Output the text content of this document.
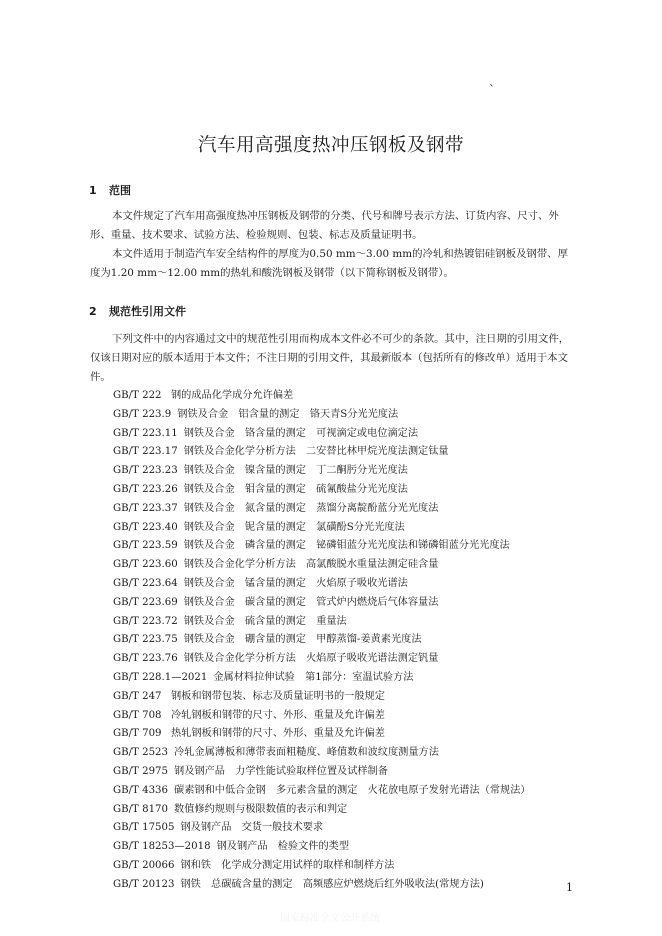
`
汽车用高强度热冲压钢板及钢带
1 范围

本文件规定了汽车用高强度热冲压钢板及钢带的分类、代号和牌号表示方法、订货内容、尺寸、外形、重量、技术要求、试验方法、检验规则、包装、标志及质量证明书。

本文件适用于制造汽车安全结构件的厚度为0.50 mm～3.00 mm的冷轧和热镀铝硅钢板及钢带、厚度为1.20 mm～12.00 mm的热轧和酸洗钢板及钢带（以下简称钢板及钢带）。

2 规范性引用文件

下列文件中的内容通过文中的规范性引用而构成本文件必不可少的条款。其中，注日期的引用文件，仅该日期对应的版本适用于本文件；不注日期的引用文件，其最新版本（包括所有的修改单）适用于本文件。

GB/T 222 钢的成品化学成分允许偏差
GB/T 223.9 钢铁及合金　铝含量的测定　铬天青S分光光度法
GB/T 223.11 钢铁及合金　铬含量的测定　可视滴定或电位滴定法
GB/T 223.17 钢铁及合金化学分析方法　二安替比林甲烷光度法测定钛量
GB/T 223.23 钢铁及合金　镍含量的测定　丁二酮肟分光光度法
GB/T 223.26 钢铁及合金　钼含量的测定　硫氰酸盐分光光度法
GB/T 223.37 钢铁及合金　氮含量的测定　蒸馏分离靛酚蓝分光光度法
GB/T 223.40 钢铁及合金　铌含量的测定　氯磺酚S分光光度法
GB/T 223.59 钢铁及合金　磷含量的测定　铋磷钼蓝分光光度法和锑磷钼蓝分光光度法
GB/T 223.60 钢铁及合金化学分析方法　高氯酸脱水重量法测定硅含量
GB/T 223.64 钢铁及合金　锰含量的测定　火焰原子吸收光谱法
GB/T 223.69 钢铁及合金　碳含量的测定　管式炉内燃烧后气体容量法
GB/T 223.72 钢铁及合金　硫含量的测定　重量法
GB/T 223.75 钢铁及合金　硼含量的测定　甲醇蒸馏-姜黄素光度法
GB/T 223.76 钢铁及合金化学分析方法　火焰原子吸收光谱法测定钒量
GB/T 228.1—2021 金属材料拉伸试验　第1部分：室温试验方法
GB/T 247 钢板和钢带包装、标志及质量证明书的一般规定
GB/T 708 冷轧钢板和钢带的尺寸、外形、重量及允许偏差
GB/T 709 热轧钢板和钢带的尺寸、外形、重量及允许偏差
GB/T 2523 冷轧金属薄板和薄带表面粗糙度、峰值数和波纹度测量方法
GB/T 2975 钢及钢产品　力学性能试验取样位置及试样制备
GB/T 4336 碳素钢和中低合金钢　多元素含量的测定　火花放电原子发射光谱法（常规法）
GB/T 8170 数值修约规则与极限数值的表示和判定
GB/T 17505 钢及钢产品　交货一般技术要求
GB/T 18253—2018 钢及钢产品　检验文件的类型
GB/T 20066 钢和铁　化学成分测定用试样的取样和制样方法
GB/T 20123 钢铁　总碳硫含量的测定　高频感应炉燃烧后红外吸收法(常规方法)	1
国家标准全文公开系统
